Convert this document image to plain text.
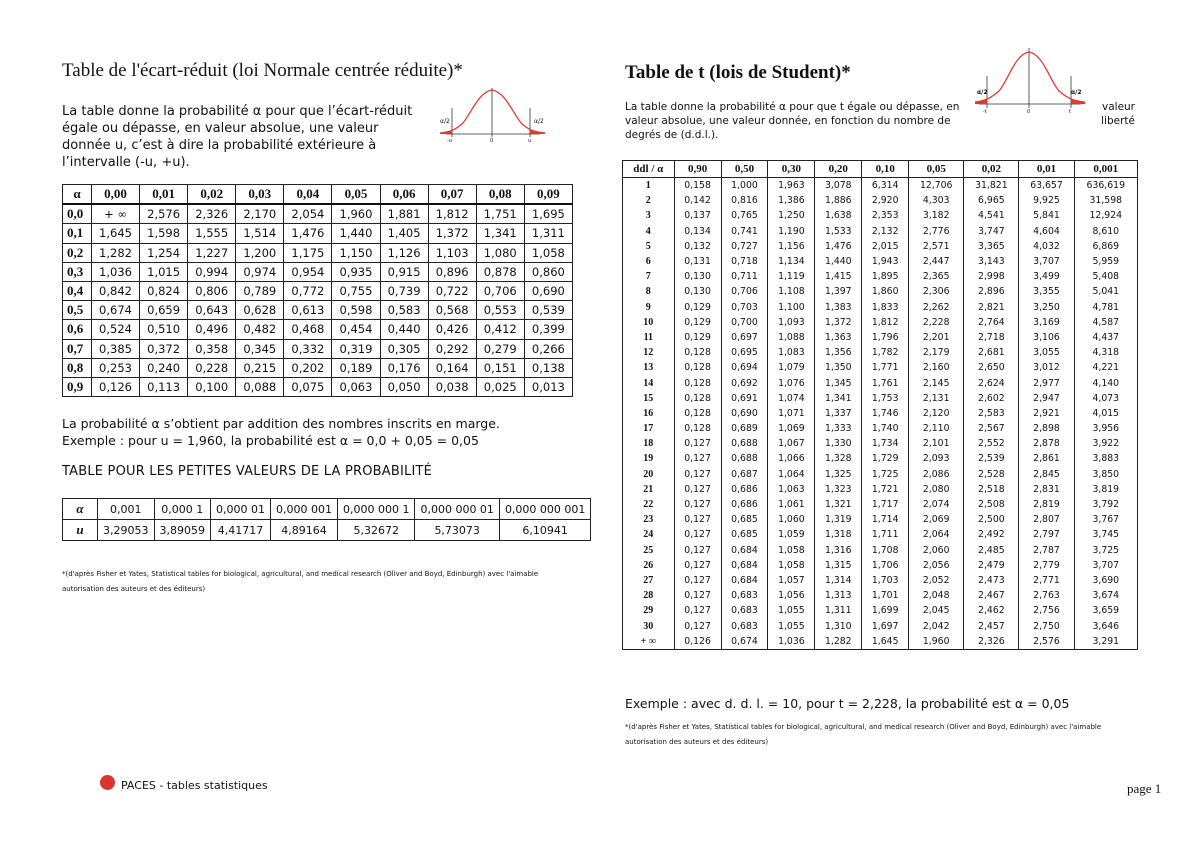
Table de l'écart-réduit (loi Normale centrée réduite)*
La table donne la probabilité α pour que l’écart-réduit égale ou dépasse, en valeur absolue, une valeur donnée u, c’est à dire la probabilité extérieure à l’intervalle (-u, +u).
α/2	α/2
-u	0	u
α	0,00	0,01	0,02	0,03	0,04	0,05	0,06	0,07	0,08	0,09
0,0	+ ∞	2,576	2,326	2,170	2,054	1,960	1,881	1,812	1,751	1,695
0,1	1,645	1,598	1,555	1,514	1,476	1,440	1,405	1,372	1,341	1,311
0,2	1,282	1,254	1,227	1,200	1,175	1,150	1,126	1,103	1,080	1,058
0,3	1,036	1,015	0,994	0,974	0,954	0,935	0,915	0,896	0,878	0,860
0,4	0,842	0,824	0,806	0,789	0,772	0,755	0,739	0,722	0,706	0,690
0,5	0,674	0,659	0,643	0,628	0,613	0,598	0,583	0,568	0,553	0,539
0,6	0,524	0,510	0,496	0,482	0,468	0,454	0,440	0,426	0,412	0,399
0,7	0,385	0,372	0,358	0,345	0,332	0,319	0,305	0,292	0,279	0,266
0,8	0,253	0,240	0,228	0,215	0,202	0,189	0,176	0,164	0,151	0,138
0,9	0,126	0,113	0,100	0,088	0,075	0,063	0,050	0,038	0,025	0,013
La probabilité α s’obtient par addition des nombres inscrits en marge.
Exemple : pour u = 1,960, la probabilité est α = 0,0 + 0,05 = 0,05
TABLE POUR LES PETITES VALEURS DE LA PROBABILITÉ
α	0,001	0,000 1	0,000 01	0,000 001	0,000 000 1	0,000 000 01	0,000 000 001
u	3,29053	3,89059	4,41717	4,89164	5,32672	5,73073	6,10941
*(d'après Fisher et Yates, Statistical tables for biological, agricultural, and medical research (Oliver and Boyd, Edinburgh) avec l'aimable autorisation des auteurs et des éditeurs)
Table de t (lois de Student)*
La table donne la probabilité α pour que t égale ou dépasse, en valeur absolue, une valeur donnée, en fonction du nombre de degrés de (d.d.l.).
valeur liberté
α/2	α/2
-t	0	t
ddl / α	0,90	0,50	0,30	0,20	0,10	0,05	0,02	0,01	0,001
1	0,158	1,000	1,963	3,078	6,314	12,706	31,821	63,657	636,619
2	0,142	0,816	1,386	1,886	2,920	4,303	6,965	9,925	31,598
3	0,137	0,765	1,250	1,638	2,353	3,182	4,541	5,841	12,924
4	0,134	0,741	1,190	1,533	2,132	2,776	3,747	4,604	8,610
5	0,132	0,727	1,156	1,476	2,015	2,571	3,365	4,032	6,869
6	0,131	0,718	1,134	1,440	1,943	2,447	3,143	3,707	5,959
7	0,130	0,711	1,119	1,415	1,895	2,365	2,998	3,499	5,408
8	0,130	0,706	1,108	1,397	1,860	2,306	2,896	3,355	5,041
9	0,129	0,703	1,100	1,383	1,833	2,262	2,821	3,250	4,781
10	0,129	0,700	1,093	1,372	1,812	2,228	2,764	3,169	4,587
11	0,129	0,697	1,088	1,363	1,796	2,201	2,718	3,106	4,437
12	0,128	0,695	1,083	1,356	1,782	2,179	2,681	3,055	4,318
13	0,128	0,694	1,079	1,350	1,771	2,160	2,650	3,012	4,221
14	0,128	0,692	1,076	1,345	1,761	2,145	2,624	2,977	4,140
15	0,128	0,691	1,074	1,341	1,753	2,131	2,602	2,947	4,073
16	0,128	0,690	1,071	1,337	1,746	2,120	2,583	2,921	4,015
17	0,128	0,689	1,069	1,333	1,740	2,110	2,567	2,898	3,956
18	0,127	0,688	1,067	1,330	1,734	2,101	2,552	2,878	3,922
19	0,127	0,688	1,066	1,328	1,729	2,093	2,539	2,861	3,883
20	0,127	0,687	1,064	1,325	1,725	2,086	2,528	2,845	3,850
21	0,127	0,686	1,063	1,323	1,721	2,080	2,518	2,831	3,819
22	0,127	0,686	1,061	1,321	1,717	2,074	2,508	2,819	3,792
23	0,127	0,685	1,060	1,319	1,714	2,069	2,500	2,807	3,767
24	0,127	0,685	1,059	1,318	1,711	2,064	2,492	2,797	3,745
25	0,127	0,684	1,058	1,316	1,708	2,060	2,485	2,787	3,725
26	0,127	0,684	1,058	1,315	1,706	2,056	2,479	2,779	3,707
27	0,127	0,684	1,057	1,314	1,703	2,052	2,473	2,771	3,690
28	0,127	0,683	1,056	1,313	1,701	2,048	2,467	2,763	3,674
29	0,127	0,683	1,055	1,311	1,699	2,045	2,462	2,756	3,659
30	0,127	0,683	1,055	1,310	1,697	2,042	2,457	2,750	3,646
+ ∞	0,126	0,674	1,036	1,282	1,645	1,960	2,326	2,576	3,291
Exemple : avec d. d. l. = 10, pour t = 2,228, la probabilité est α = 0,05
*(d'après Fisher et Yates, Statistical tables for biological, agricultural, and medical research (Oliver and Boyd, Edinburgh) avec l'aimable autorisation des auteurs et des éditeurs)
PACES - tables statistiques	page 1
